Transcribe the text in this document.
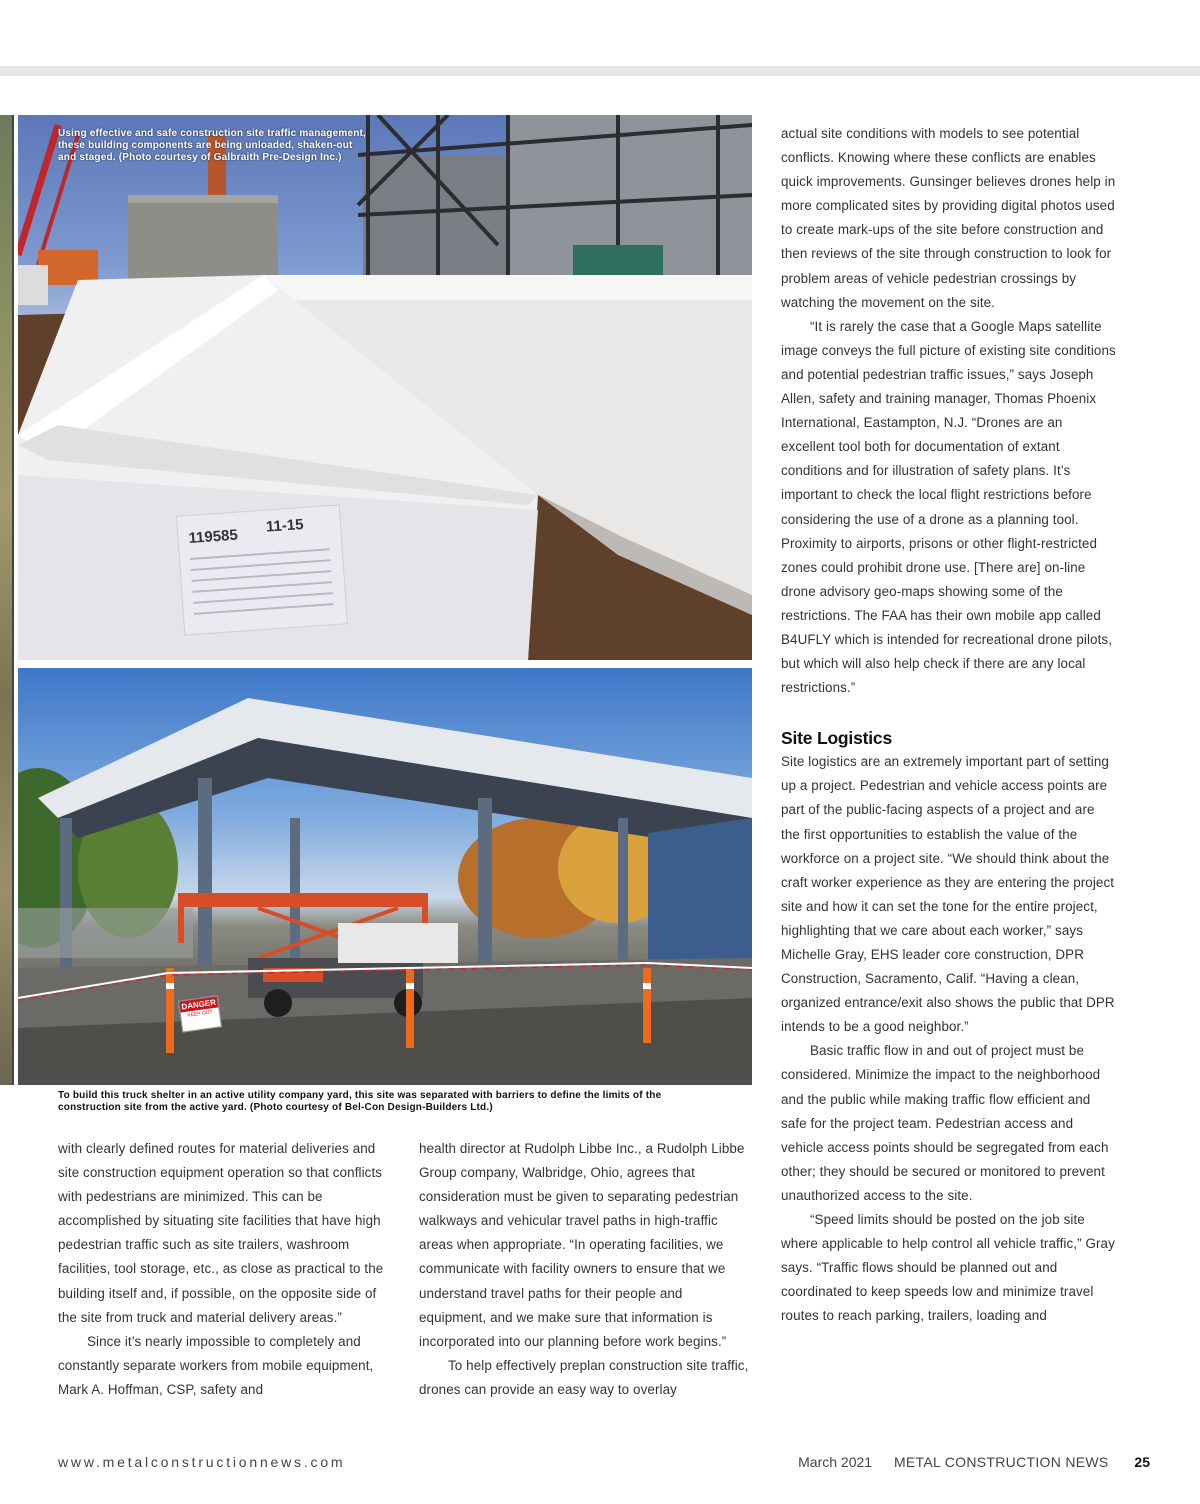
119585
11-15
Using effective and safe construction site traffic management, these building components are being unloaded, shaken-out and staged. (Photo courtesy of Galbraith Pre-Design Inc.)
DANGER
KEEP OUT
To build this truck shelter in an active utility company yard, this site was separated with barriers to define the limits of the construction site from the active yard. (Photo courtesy of Bel-Con Design-Builders Ltd.)

with clearly defined routes for material deliveries and site construction equipment operation so that conflicts with pedestrians are minimized. This can be accomplished by situating site facilities that have high pedestrian traffic such as site trailers, washroom facilities, tool storage, etc., as close as practical to the building itself and, if possible, on the opposite side of the site from truck and material delivery areas.”

Since it’s nearly impossible to completely and constantly separate workers from mobile equipment, Mark A. Hoffman, CSP, safety and

health director at Rudolph Libbe Inc., a Rudolph Libbe Group company, Walbridge, Ohio, agrees that consideration must be given to separating pedestrian walkways and vehicular travel paths in high-traffic areas when appropriate. “In operating facilities, we communicate with facility owners to ensure that we understand travel paths for their people and equipment, and we make sure that information is incorporated into our planning before work begins.”

To help effectively preplan construction site traffic, drones can provide an easy way to overlay

actual site conditions with models to see potential conflicts. Knowing where these conflicts are enables quick improvements. Gunsinger believes drones help in more complicated sites by providing digital photos used to create mark-ups of the site before construction and then reviews of the site through construction to look for problem areas of vehicle pedestrian crossings by watching the movement on the site.

“It is rarely the case that a Google Maps satellite image conveys the full picture of existing site conditions and potential pedestrian traffic issues,” says Joseph Allen, safety and training manager, Thomas Phoenix International, Eastampton, N.J. “Drones are an excellent tool both for documentation of extant conditions and for illustration of safety plans. It’s important to check the local flight restrictions before considering the use of a drone as a planning tool. Proximity to airports, prisons or other flight-restricted zones could prohibit drone use. [There are] on-line drone advisory geo-maps showing some of the restrictions. The FAA has their own mobile app called B4UFLY which is intended for recreational drone pilots, but which will also help check if there are any local restrictions.”

Site Logistics

Site logistics are an extremely important part of setting up a project. Pedestrian and vehicle access points are part of the public-facing aspects of a project and are the first opportunities to establish the value of the workforce on a project site. “We should think about the craft worker experience as they are entering the project site and how it can set the tone for the entire project, highlighting that we care about each worker,” says Michelle Gray, EHS leader core construction, DPR Construction, Sacramento, Calif. “Having a clean, organized entrance/exit also shows the public that DPR intends to be a good neighbor.”

Basic traffic flow in and out of project must be considered. Minimize the impact to the neighborhood and the public while making traffic flow efficient and safe for the project team. Pedestrian access and vehicle access points should be segregated from each other; they should be secured or monitored to prevent unauthorized access to the site.

“Speed limits should be posted on the job site where applicable to help control all vehicle traffic,” Gray says. “Traffic flows should be planned out and coordinated to keep speeds low and minimize travel routes to reach parking, trailers, loading and

www.metalconstructionnews.com	March 2021 METAL CONSTRUCTION NEWS 25
